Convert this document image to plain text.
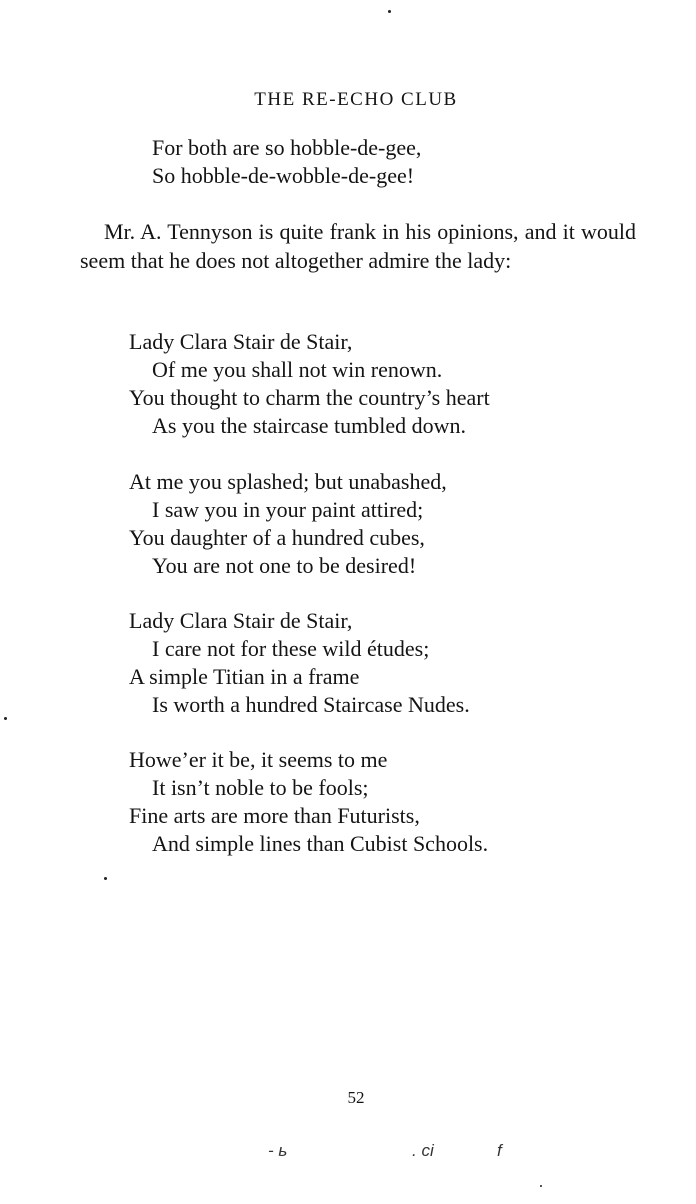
THE RE-ECHO CLUB
For both are so hobble-de-gee,
So hobble-de-wobble-de-gee!

Mr. A. Tennyson is quite frank in his opinions, and it would seem that he does not altogether admire the lady:

Lady Clara Stair de Stair,
Of me you shall not win renown.
You thought to charm the country’s heart
As you the staircase tumbled down.
At me you splashed; but unabashed,
I saw you in your paint attired;
You daughter of a hundred cubes,
You are not one to be desired!
Lady Clara Stair de Stair,
I care not for these wild études;
A simple Titian in a frame
Is worth a hundred Staircase Nudes.
Howe’er it be, it seems to me
It isn’t noble to be fools;
Fine arts are more than Futurists,
And simple lines than Cubist Schools.
52
- ь	. сі	f
